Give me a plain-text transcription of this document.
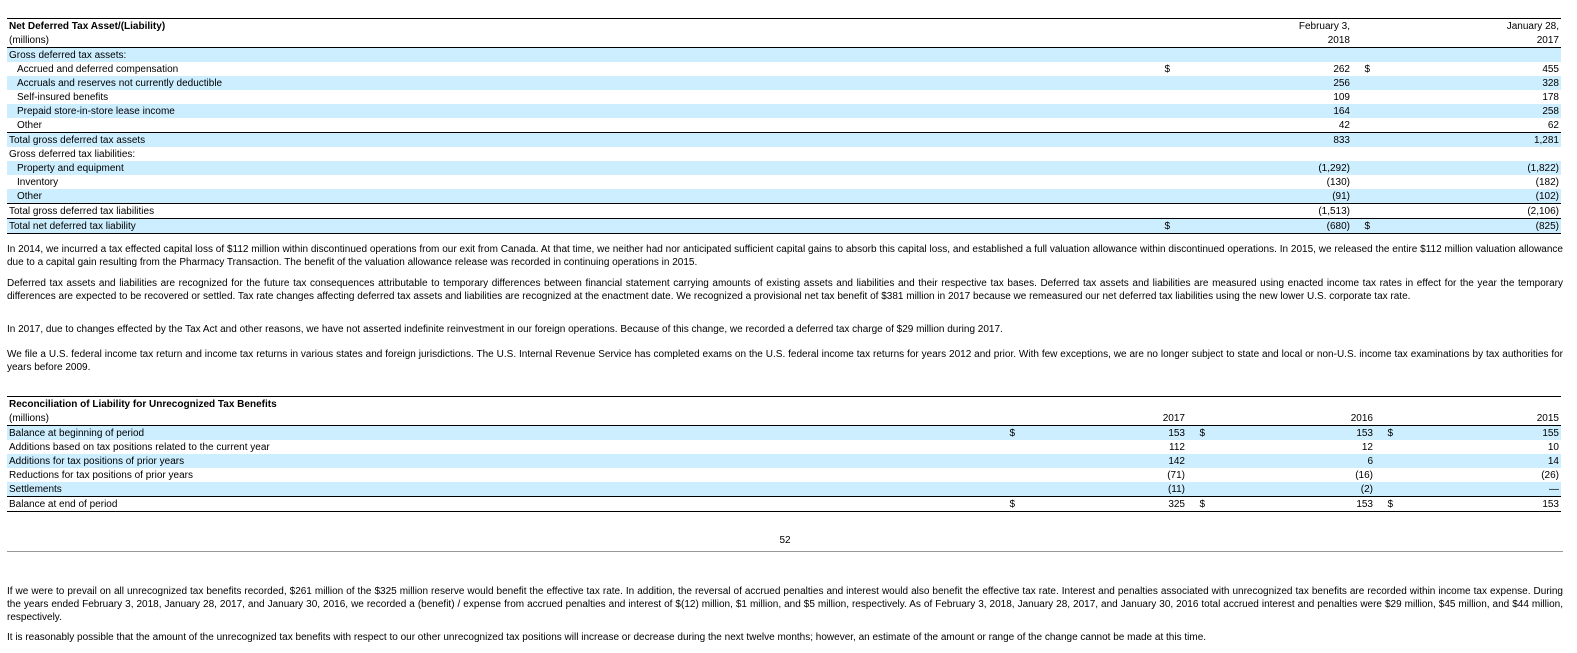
Net Deferred Tax Asset/(Liability)		February 3,		January 28,
(millions)		2018		2017
Gross deferred tax assets:				
Accrued and deferred compensation	$	262	$	455
Accruals and reserves not currently deductible		256		328
Self-insured benefits		109		178
Prepaid store-in-store lease income		164		258
Other		42		62
Total gross deferred tax assets		833		1,281
Gross deferred tax liabilities:				
Property and equipment		(1,292)		(1,822)
Inventory		(130)		(182)
Other		(91)		(102)
Total gross deferred tax liabilities		(1,513)		(2,106)
Total net deferred tax liability	$	(680)	$	(825)

In 2014, we incurred a tax effected capital loss of $112 million within discontinued operations from our exit from Canada. At that time, we neither had nor anticipated sufficient capital gains to absorb this capital loss, and established a full valuation allowance within discontinued operations. In 2015, we released the entire $112 million valuation allowance due to a capital gain resulting from the Pharmacy Transaction. The benefit of the valuation allowance release was recorded in continuing operations in 2015.

Deferred tax assets and liabilities are recognized for the future tax consequences attributable to temporary differences between financial statement carrying amounts of existing assets and liabilities and their respective tax bases. Deferred tax assets and liabilities are measured using enacted income tax rates in effect for the year the temporary differences are expected to be recovered or settled. Tax rate changes affecting deferred tax assets and liabilities are recognized at the enactment date. We recognized a provisional net tax benefit of $381 million in 2017 because we remeasured our net deferred tax liabilities using the new lower U.S. corporate tax rate.

In 2017, due to changes effected by the Tax Act and other reasons, we have not asserted indefinite reinvestment in our foreign operations. Because of this change, we recorded a deferred tax charge of $29 million during 2017.

We file a U.S. federal income tax return and income tax returns in various states and foreign jurisdictions. The U.S. Internal Revenue Service has completed exams on the U.S. federal income tax returns for years 2012 and prior. With few exceptions, we are no longer subject to state and local or non-U.S. income tax examinations by tax authorities for years before 2009.

Reconciliation of Liability for Unrecognized Tax Benefits						
(millions)		2017		2016		2015
Balance at beginning of period	$	153	$	153	$	155
Additions based on tax positions related to the current year		112		12		10
Additions for tax positions of prior years		142		6		14
Reductions for tax positions of prior years		(71)		(16)		(26)
Settlements		(11)		(2)		—
Balance at end of period	$	325	$	153	$	153
52

If we were to prevail on all unrecognized tax benefits recorded, $261 million of the $325 million reserve would benefit the effective tax rate. In addition, the reversal of accrued penalties and interest would also benefit the effective tax rate. Interest and penalties associated with unrecognized tax benefits are recorded within income tax expense. During the years ended February 3, 2018, January 28, 2017, and January 30, 2016, we recorded a (benefit) / expense from accrued penalties and interest of $(12) million, $1 million, and $5 million, respectively. As of February 3, 2018, January 28, 2017, and January 30, 2016 total accrued interest and penalties were $29 million, $45 million, and $44 million, respectively.

It is reasonably possible that the amount of the unrecognized tax benefits with respect to our other unrecognized tax positions will increase or decrease during the next twelve months; however, an estimate of the amount or range of the change cannot be made at this time.
